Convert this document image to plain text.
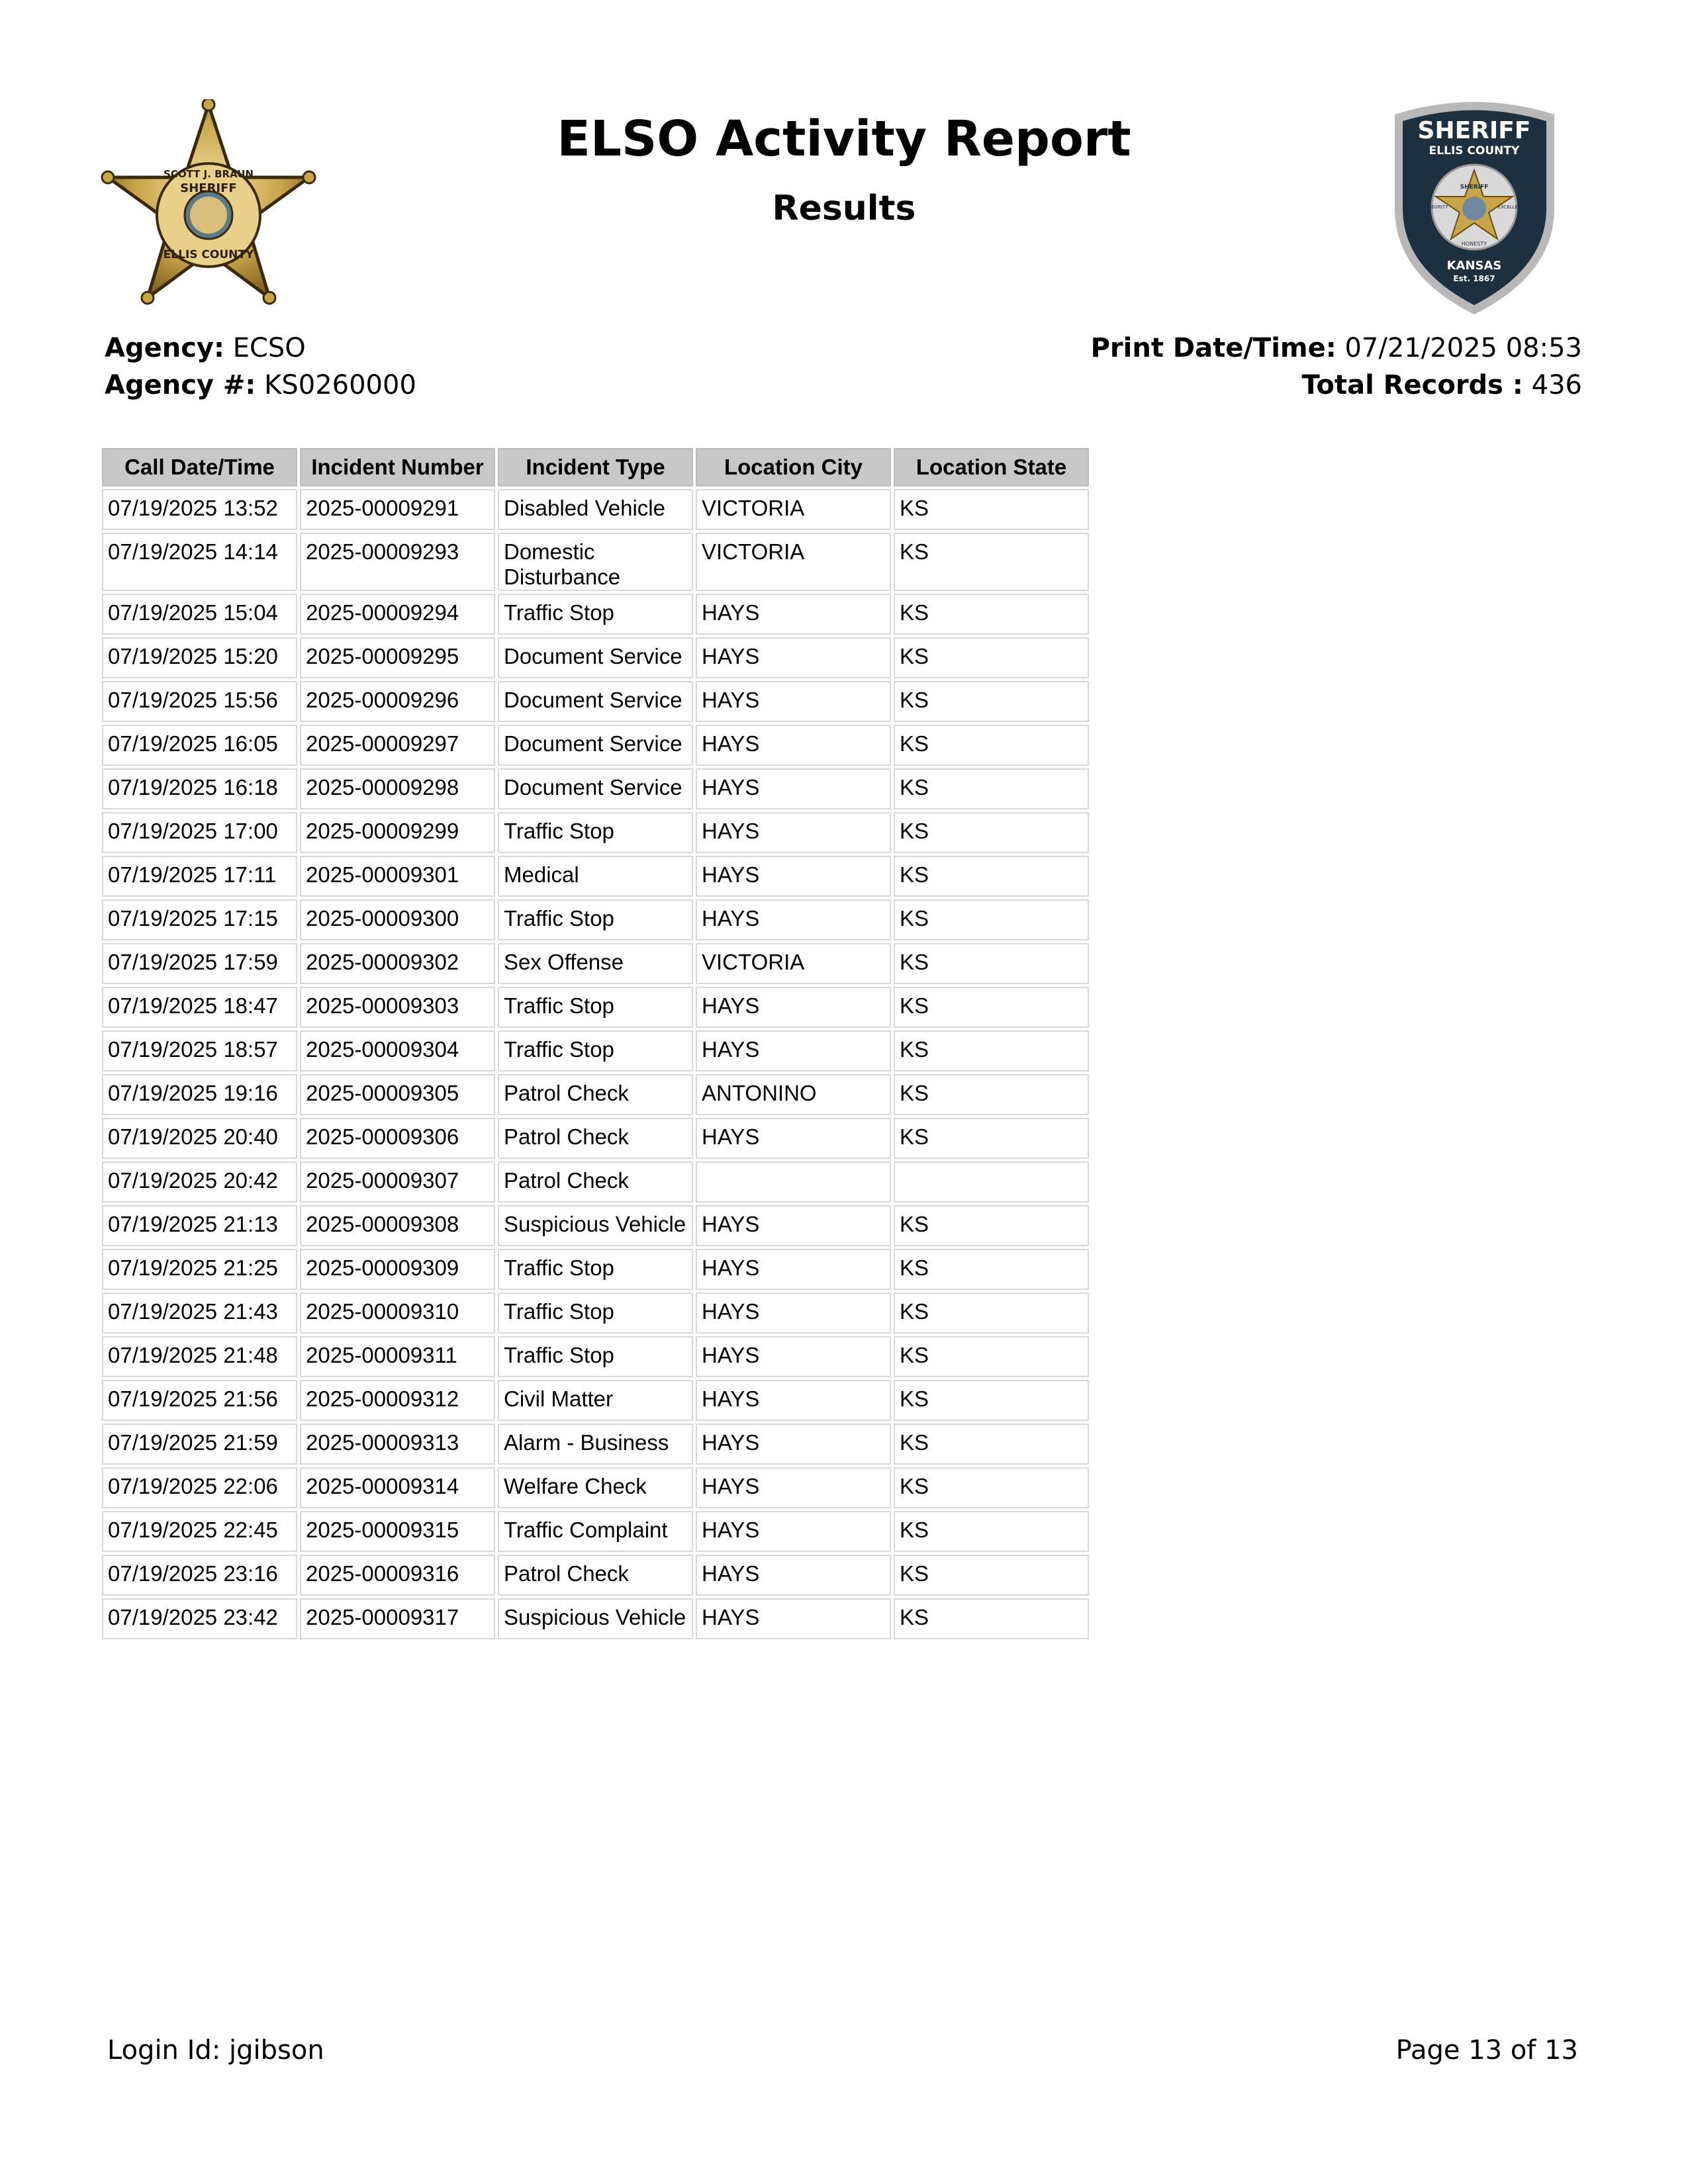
ELSO Activity Report
Results
SCOTT J. BRAUN
SHERIFF
ELLIS COUNTY
SHERIFF
ELLIS COUNTY
SHERIFF
INTEGRITY	EXCELLENCE
HONESTY
KANSAS
Est. 1867
Agency: ECSO
Agency #: KS0260000
Print Date/Time: 07/21/2025 08:53
Total Records : 436
Call Date/Time	Incident Number	Incident Type	Location City	Location State
07/19/2025 13:52	2025-00009291	Disabled Vehicle	VICTORIA	KS
07/19/2025 14:14	2025-00009293	Domestic Disturbance	VICTORIA	KS
07/19/2025 15:04	2025-00009294	Traffic Stop	HAYS	KS
07/19/2025 15:20	2025-00009295	Document Service	HAYS	KS
07/19/2025 15:56	2025-00009296	Document Service	HAYS	KS
07/19/2025 16:05	2025-00009297	Document Service	HAYS	KS
07/19/2025 16:18	2025-00009298	Document Service	HAYS	KS
07/19/2025 17:00	2025-00009299	Traffic Stop	HAYS	KS
07/19/2025 17:11	2025-00009301	Medical	HAYS	KS
07/19/2025 17:15	2025-00009300	Traffic Stop	HAYS	KS
07/19/2025 17:59	2025-00009302	Sex Offense	VICTORIA	KS
07/19/2025 18:47	2025-00009303	Traffic Stop	HAYS	KS
07/19/2025 18:57	2025-00009304	Traffic Stop	HAYS	KS
07/19/2025 19:16	2025-00009305	Patrol Check	ANTONINO	KS
07/19/2025 20:40	2025-00009306	Patrol Check	HAYS	KS
07/19/2025 20:42	2025-00009307	Patrol Check		
07/19/2025 21:13	2025-00009308	Suspicious Vehicle	HAYS	KS
07/19/2025 21:25	2025-00009309	Traffic Stop	HAYS	KS
07/19/2025 21:43	2025-00009310	Traffic Stop	HAYS	KS
07/19/2025 21:48	2025-00009311	Traffic Stop	HAYS	KS
07/19/2025 21:56	2025-00009312	Civil Matter	HAYS	KS
07/19/2025 21:59	2025-00009313	Alarm - Business	HAYS	KS
07/19/2025 22:06	2025-00009314	Welfare Check	HAYS	KS
07/19/2025 22:45	2025-00009315	Traffic Complaint	HAYS	KS
07/19/2025 23:16	2025-00009316	Patrol Check	HAYS	KS
07/19/2025 23:42	2025-00009317	Suspicious Vehicle	HAYS	KS
Login Id: jgibson	Page 13 of 13
